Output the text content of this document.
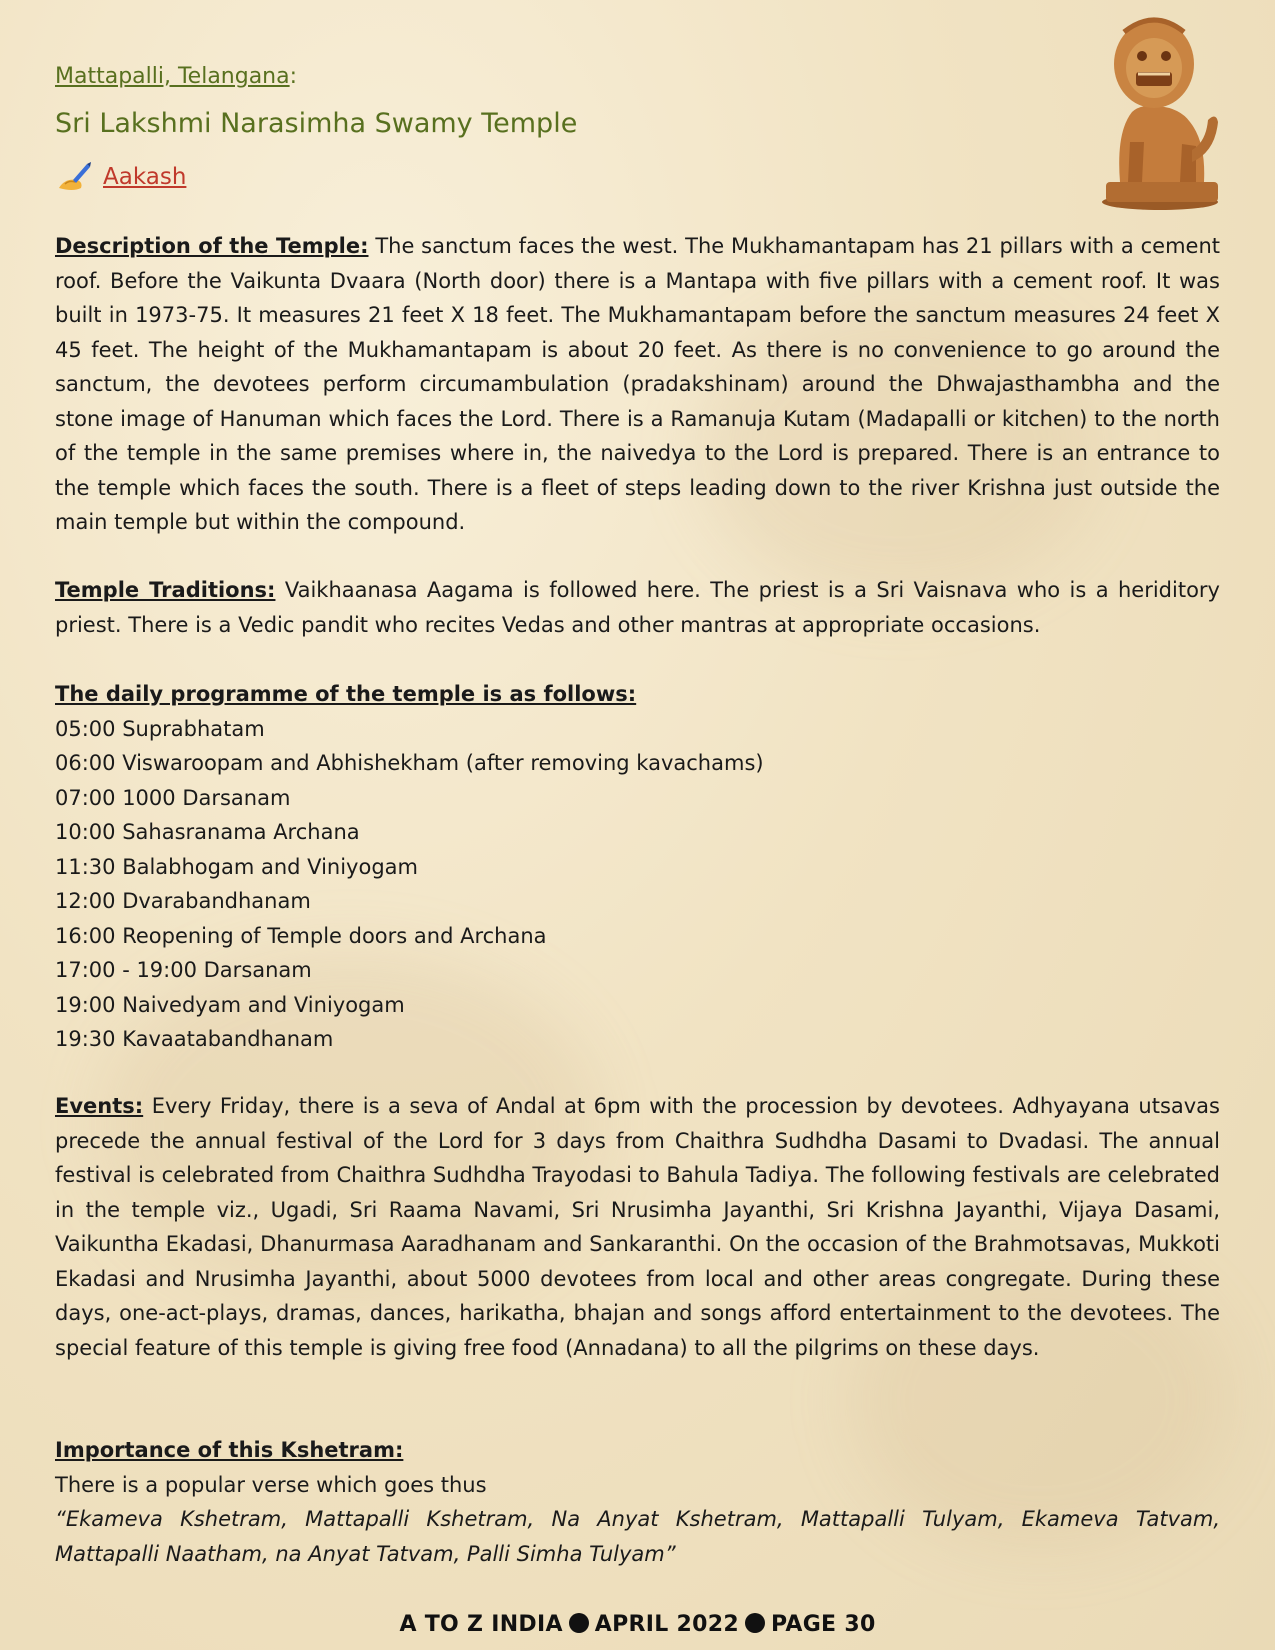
Mattapalli, Telangana:
Sri Lakshmi Narasimha Swamy Temple
Aakash
Description of the Temple: The sanctum faces the west. The Mukhamantapam has 21 pillars with a cement roof. Before the Vaikunta Dvaara (North door) there is a Mantapa with five pillars with a cement roof. It was built in 1973-75. It measures 21 feet X 18 feet. The Mukhamantapam before the sanctum measures 24 feet X 45 feet. The height of the Mukhamantapam is about 20 feet. As there is no convenience to go around the sanctum, the devotees perform circumambulation (pradakshinam) around the Dhwajasthambha and the stone image of Hanuman which faces the Lord. There is a Ramanuja Kutam (Madapalli or kitchen) to the north of the temple in the same premises where in, the naivedya to the Lord is prepared. There is an entrance to the temple which faces the south. There is a fleet of steps leading down to the river Krishna just outside the main temple but within the compound.
Temple Traditions: Vaikhaanasa Aagama is followed here. The priest is a Sri Vaisnava who is a heriditory priest. There is a Vedic pandit who recites Vedas and other mantras at appropriate occasions.
The daily programme of the temple is as follows:
05:00 Suprabhatam
06:00 Viswaroopam and Abhishekham (after removing kavachams)
07:00 1000 Darsanam
10:00 Sahasranama Archana
11:30 Balabhogam and Viniyogam
12:00 Dvarabandhanam
16:00 Reopening of Temple doors and Archana
17:00 - 19:00 Darsanam
19:00 Naivedyam and Viniyogam
19:30 Kavaatabandhanam
Events: Every Friday, there is a seva of Andal at 6pm with the procession by devotees. Adhyayana utsavas precede the annual festival of the Lord for 3 days from Chaithra Sudhdha Dasami to Dvadasi. The annual festival is celebrated from Chaithra Sudhdha Trayodasi to Bahula Tadiya. The following festivals are celebrated in the temple viz., Ugadi, Sri Raama Navami, Sri Nrusimha Jayanthi, Sri Krishna Jayanthi, Vijaya Dasami, Vaikuntha Ekadasi, Dhanurmasa Aaradhanam and Sankaranthi. On the occasion of the Brahmotsavas, Mukkoti Ekadasi and Nrusimha Jayanthi, about 5000 devotees from local and other areas congregate. During these days, one-act-plays, dramas, dances, harikatha, bhajan and songs afford entertainment to the devotees. The special feature of this temple is giving free food (Annadana) to all the pilgrims on these days.
Importance of this Kshetram:
There is a popular verse which goes thus
“Ekameva Kshetram, Mattapalli Kshetram, Na Anyat Kshetram, Mattapalli Tulyam, Ekameva Tatvam, Mattapalli Naatham, na Anyat Tatvam, Palli Simha Tulyam”
A TO Z INDIA APRIL 2022 PAGE 30
